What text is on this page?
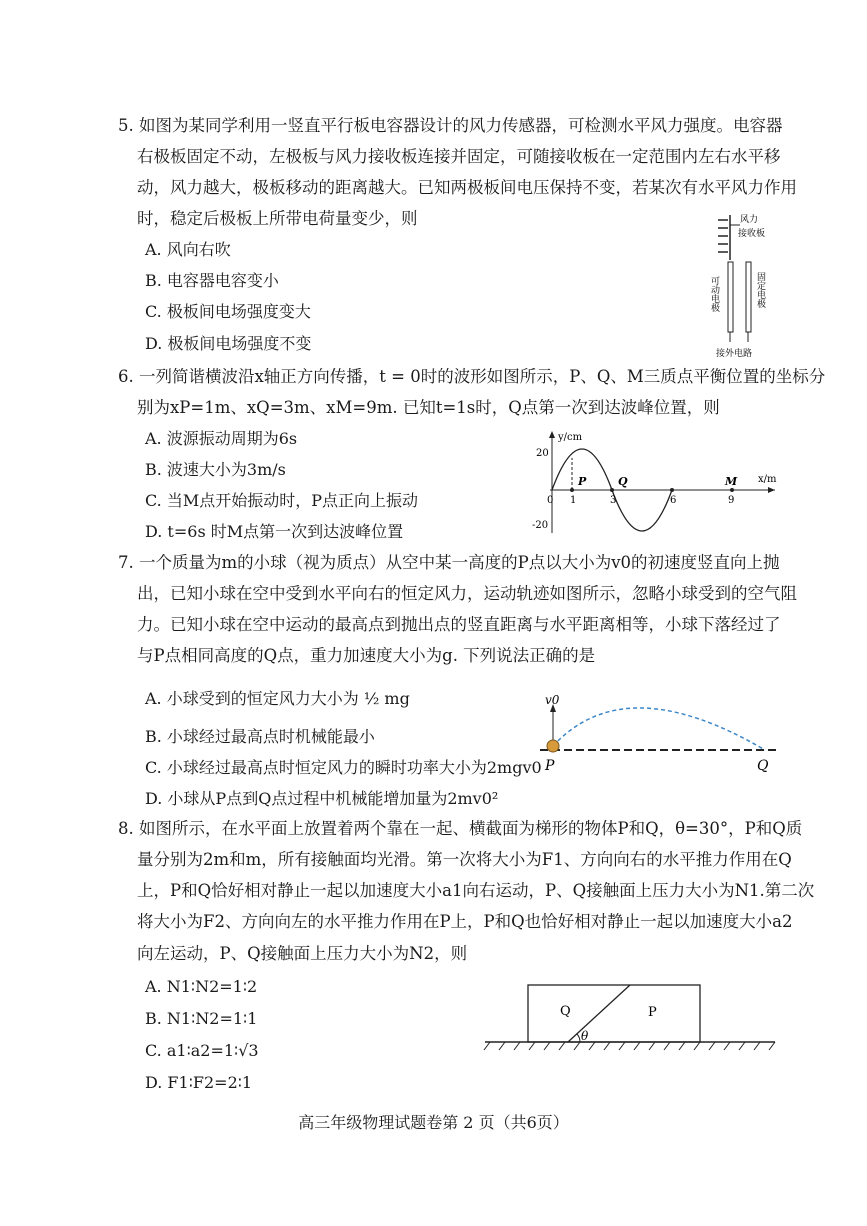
5. 如图为某同学利用一竖直平行板电容器设计的风力传感器，可检测水平风力强度。电容器
右极板固定不动，左极板与风力接收板连接并固定，可随接收板在一定范围内左右水平移
动，风力越大，极板移动的距离越大。已知两极板间电压保持不变，若某次有水平风力作用
时，稳定后极板上所带电荷量变少，则
A. 风向右吹
B. 电容器电容变小
C. 极板间电场强度变大
D. 极板间电场强度不变
风力
接收板
接外电路
可动电极	固定电极
6. 一列简谐横波沿x轴正方向传播，t = 0时的波形如图所示，P、Q、M三质点平衡位置的坐标分
别为xP=1m、xQ=3m、xM=9m. 已知t=1s时，Q点第一次到达波峰位置，则
A. 波源振动周期为6s
B. 波速大小为3m/s
C. 当M点开始振动时，P点正向上振动
D. t=6s 时M点第一次到达波峰位置
y/cm
x/m
20
-20
0 1	3	6	9
P	Q	M
7. 一个质量为m的小球（视为质点）从空中某一高度的P点以大小为v0的初速度竖直向上抛
出，已知小球在空中受到水平向右的恒定风力，运动轨迹如图所示，忽略小球受到的空气阻
力。已知小球在空中运动的最高点到抛出点的竖直距离与水平距离相等，小球下落经过了
与P点相同高度的Q点，重力加速度大小为g. 下列说法正确的是
A. 小球受到的恒定风力大小为 ½ mg
B. 小球经过最高点时机械能最小
C. 小球经过最高点时恒定风力的瞬时功率大小为2mgv0
D. 小球从P点到Q点过程中机械能增加量为2mv0²
v0
P	Q
8. 如图所示，在水平面上放置着两个靠在一起、横截面为梯形的物体P和Q，θ=30°，P和Q质
量分别为2m和m，所有接触面均光滑。第一次将大小为F1、方向向右的水平推力作用在Q
上，P和Q恰好相对静止一起以加速度大小a1向右运动，P、Q接触面上压力大小为N1.第二次
将大小为F2、方向向左的水平推力作用在P上，P和Q也恰好相对静止一起以加速度大小a2
向左运动，P、Q接触面上压力大小为N2，则
A. N1∶N2=1∶2
B. N1∶N2=1∶1
C. a1∶a2=1∶√3
D. F1∶F2=2∶1
Q	P
θ
高三年级物理试题卷第 2 页（共6页）
